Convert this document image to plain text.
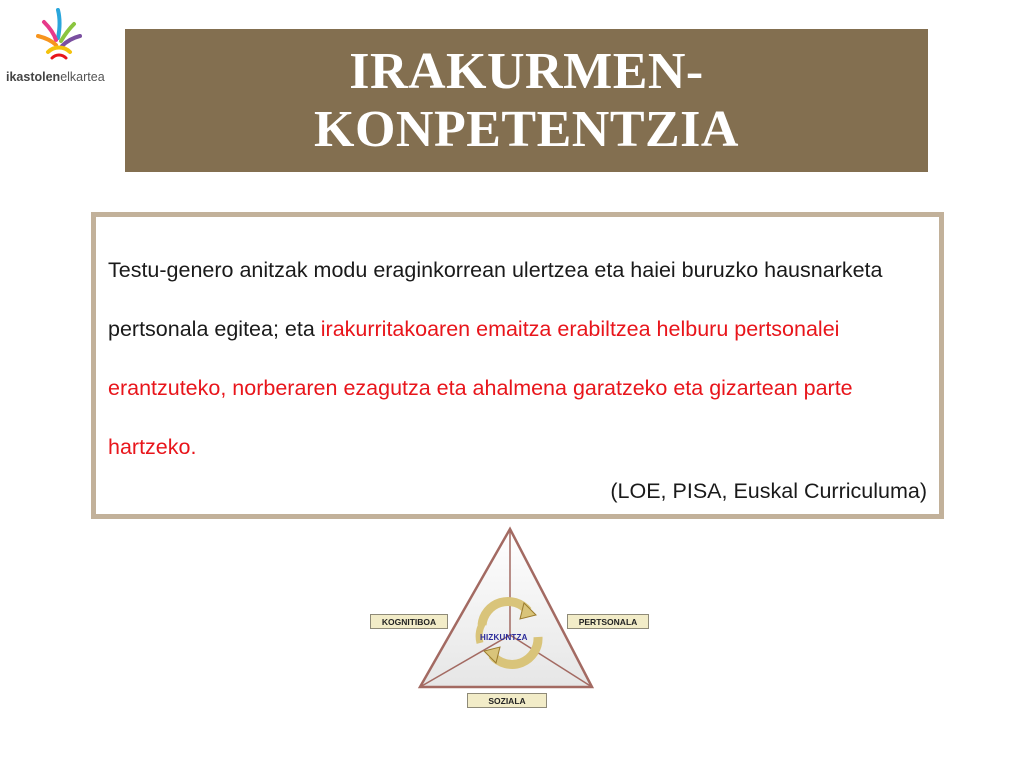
ikastolenelkartea	IRAKURMEN-
KONPETENTZIA
Testu-genero anitzak modu eraginkorrean ulertzea eta haiei buruzko hausnarketa pertsonala egitea; eta irakurritakoaren emaitza erabiltzea helburu pertsonalei erantzuteko, norberaren ezagutza eta ahalmena garatzeko eta gizartean parte hartzeko.
(LOE, PISA, Euskal Curriculuma)
HIZKUNTZA
KOGNITIBOA	PERTSONALA
SOZIALA
